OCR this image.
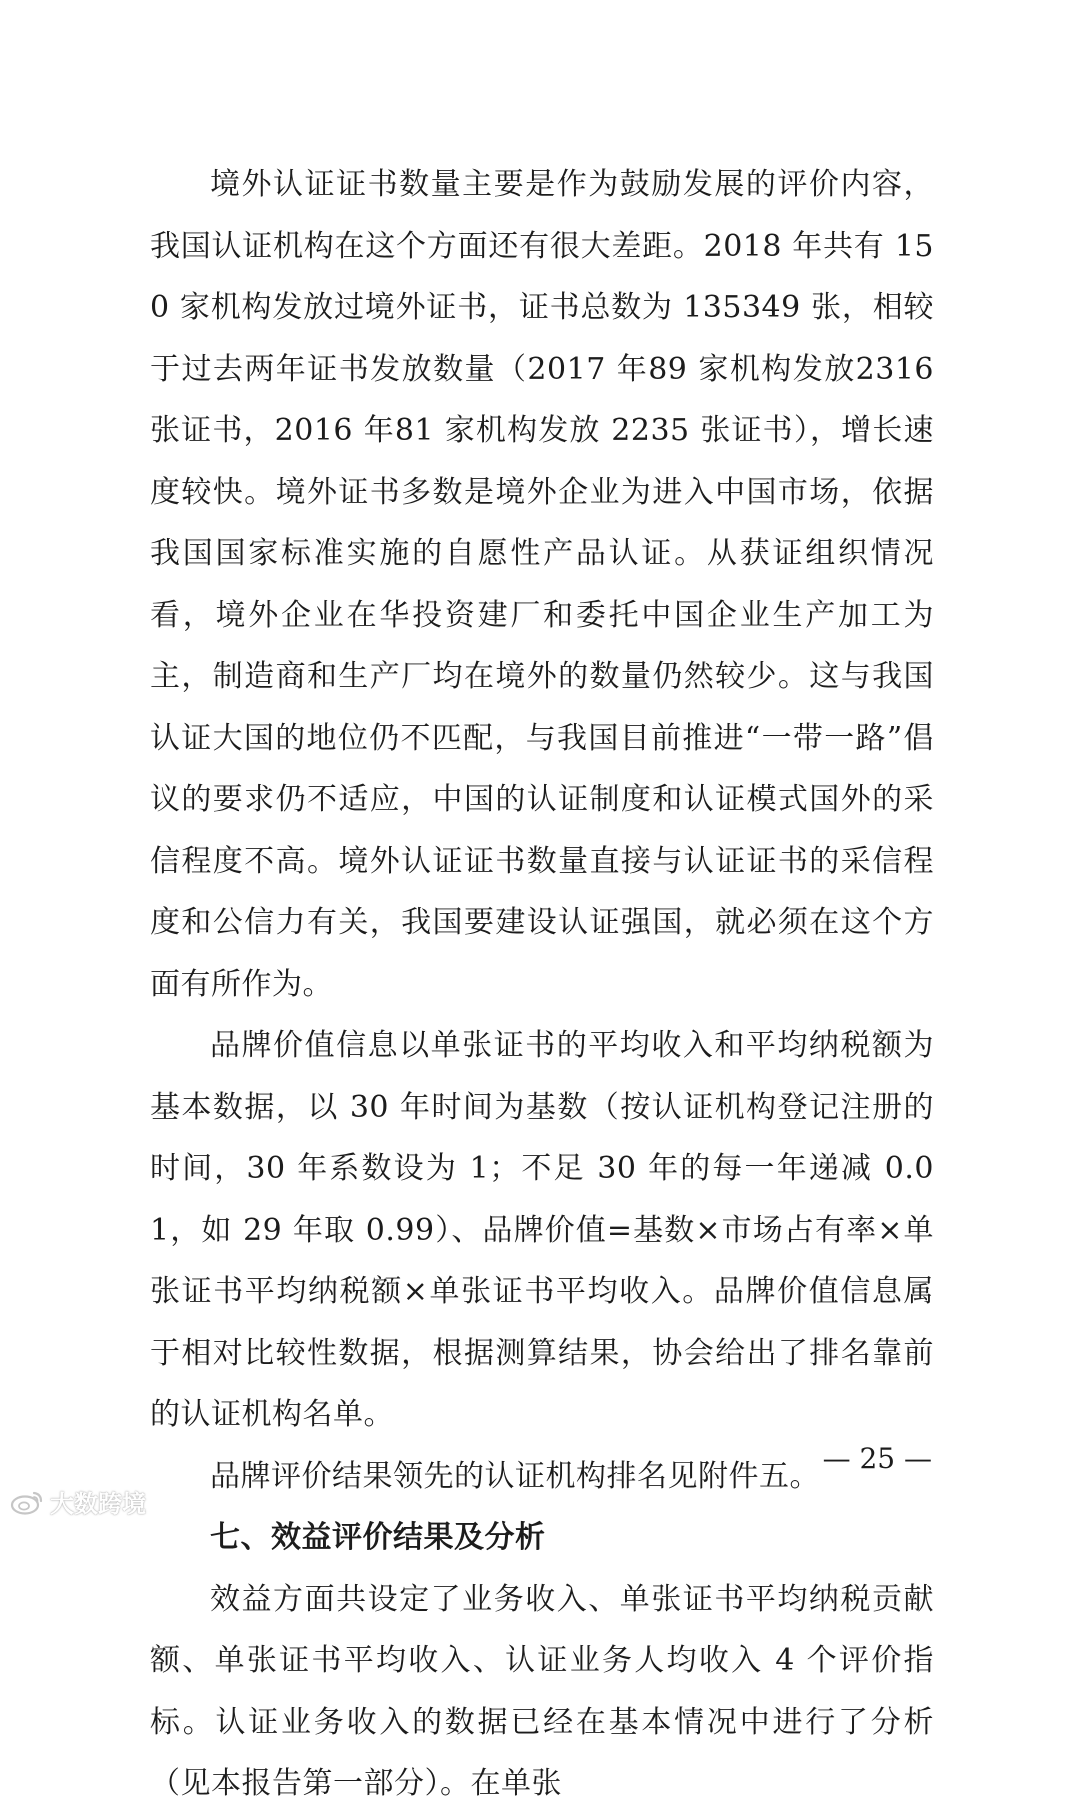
境外认证证书数量主要是作为鼓励发展的评价内容，我国认证机构在这个方面还有很大差距。2018 年共有 150 家机构发放过境外证书，证书总数为 135349 张，相较于过去两年证书发放数量（2017 年89 家机构发放2316 张证书，2016 年81 家机构发放 2235 张证书），增长速度较快。境外证书多数是境外企业为进入中国市场，依据我国国家标准实施的自愿性产品认证。从获证组织情况看，境外企业在华投资建厂和委托中国企业生产加工为主，制造商和生产厂均在境外的数量仍然较少。这与我国认证大国的地位仍不匹配，与我国目前推进“一带一路”倡议的要求仍不适应，中国的认证制度和认证模式国外的采信程度不高。境外认证证书数量直接与认证证书的采信程度和公信力有关，我国要建设认证强国，就必须在这个方面有所作为。

品牌价值信息以单张证书的平均收入和平均纳税额为基本数据，以 30 年时间为基数（按认证机构登记注册的时间，30 年系数设为 1；不足 30 年的每一年递减 0.01，如 29 年取 0.99）、品牌价值=基数×市场占有率×单张证书平均纳税额×单张证书平均收入。品牌价值信息属于相对比较性数据，根据测算结果，协会给出了排名靠前的认证机构名单。

品牌评价结果领先的认证机构排名见附件五。

七、效益评价结果及分析

效益方面共设定了业务收入、单张证书平均纳税贡献额、单张证书平均收入、认证业务人均收入 4 个评价指标。认证业务收入的数据已经在基本情况中进行了分析（见本报告第一部分）。在单张

— 25 —
大数跨境
